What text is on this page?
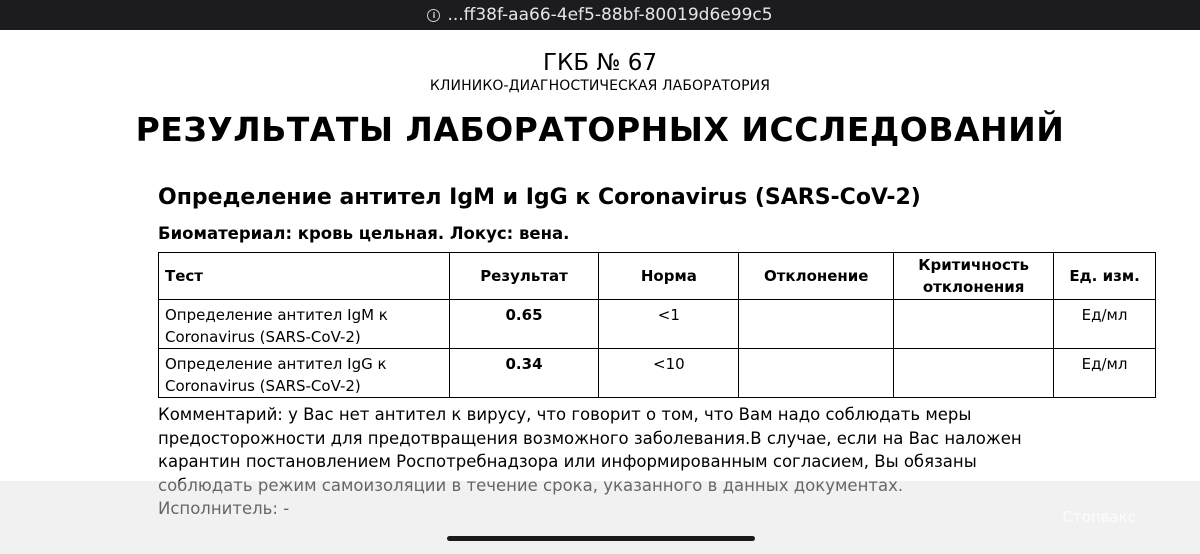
i ...ff38f-aa66-4ef5-88bf-80019d6e99c5
ГКБ № 67
КЛИНИКО-ДИАГНОСТИЧЕСКАЯ ЛАБОРАТОРИЯ
РЕЗУЛЬТАТЫ ЛАБОРАТОРНЫХ ИССЛЕДОВАНИЙ
Определение антител IgM и IgG к Coronavirus (SARS-CoV-2)
Биоматериал: кровь цельная. Локус: вена.
Тест	Результат	Норма	Отклонение	Критичность отклонения	Ед. изм.
Определение антител IgM к Coronavirus (SARS-CoV-2)	0.65	<1			Ед/мл
Определение антител IgG к Coronavirus (SARS-CoV-2)	0.34	<10			Ед/мл
Комментарий: у Вас нет антител к вирусу, что говорит о том, что Вам надо соблюдать меры предосторожности для предотвращения возможного заболевания.В случае, если на Вас наложен карантин постановлением Роспотребнадзора или информированным согласием, Вы обязаны соблюдать режим самоизоляции в течение срока, указанного в данных документах.
Исполнитель: -	Стопвакс
